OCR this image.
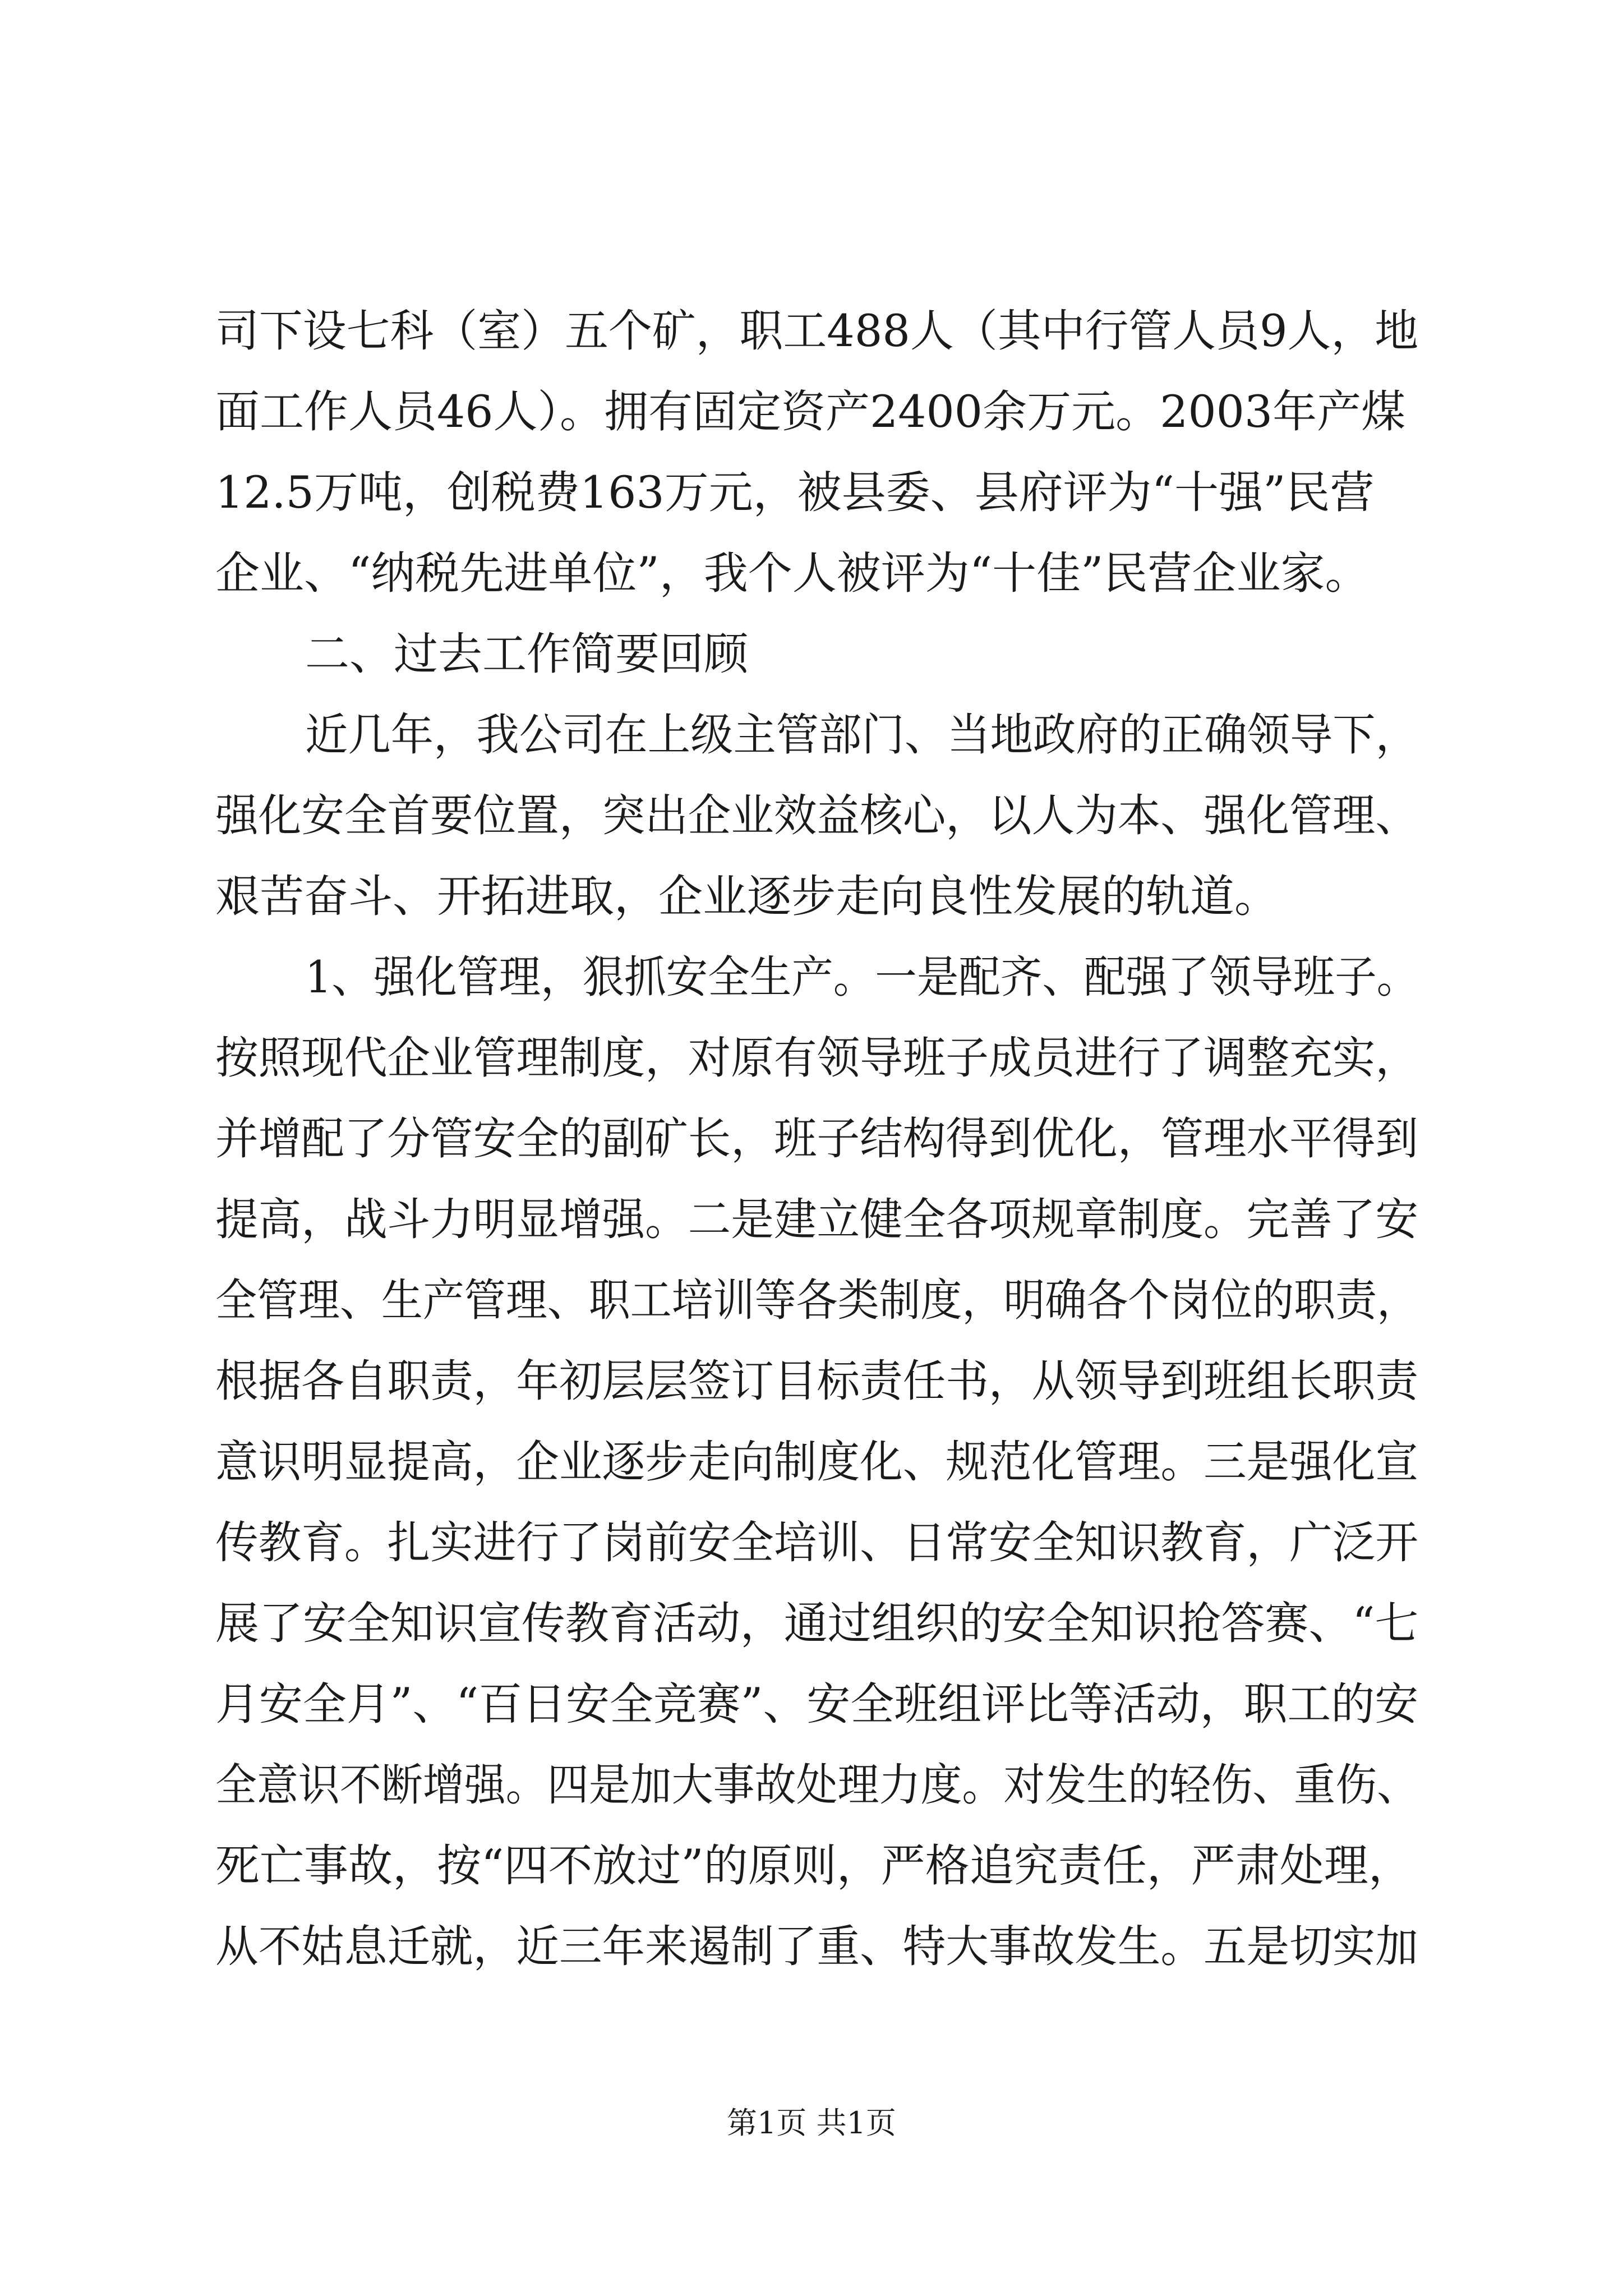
司下设七科（室）五个矿，职工488人（其中行管人员9人，地
面工作人员46人）。拥有固定资产2400余万元。2003年产煤
12.5万吨，创税费163万元，被县委、县府评为“十强”民营
企业、“纳税先进单位”，我个人被评为“十佳”民营企业家。
二、过去工作简要回顾
近几年，我公司在上级主管部门、当地政府的正确领导下，
强化安全首要位置，突出企业效益核心，以人为本、强化管理、
艰苦奋斗、开拓进取，企业逐步走向良性发展的轨道。
1、强化管理，狠抓安全生产。一是配齐、配强了领导班子。
按照现代企业管理制度，对原有领导班子成员进行了调整充实，
并增配了分管安全的副矿长，班子结构得到优化，管理水平得到
提高，战斗力明显增强。二是建立健全各项规章制度。完善了安
全管理、生产管理、职工培训等各类制度，明确各个岗位的职责，
根据各自职责，年初层层签订目标责任书，从领导到班组长职责
意识明显提高，企业逐步走向制度化、规范化管理。三是强化宣
传教育。扎实进行了岗前安全培训、日常安全知识教育，广泛开
展了安全知识宣传教育活动，通过组织的安全知识抢答赛、“七
月安全月”、“百日安全竞赛”、安全班组评比等活动，职工的安
全意识不断增强。四是加大事故处理力度。对发生的轻伤、重伤、
死亡事故，按“四不放过”的原则，严格追究责任，严肃处理，
从不姑息迁就，近三年来遏制了重、特大事故发生。五是切实加
第1页 共1页
